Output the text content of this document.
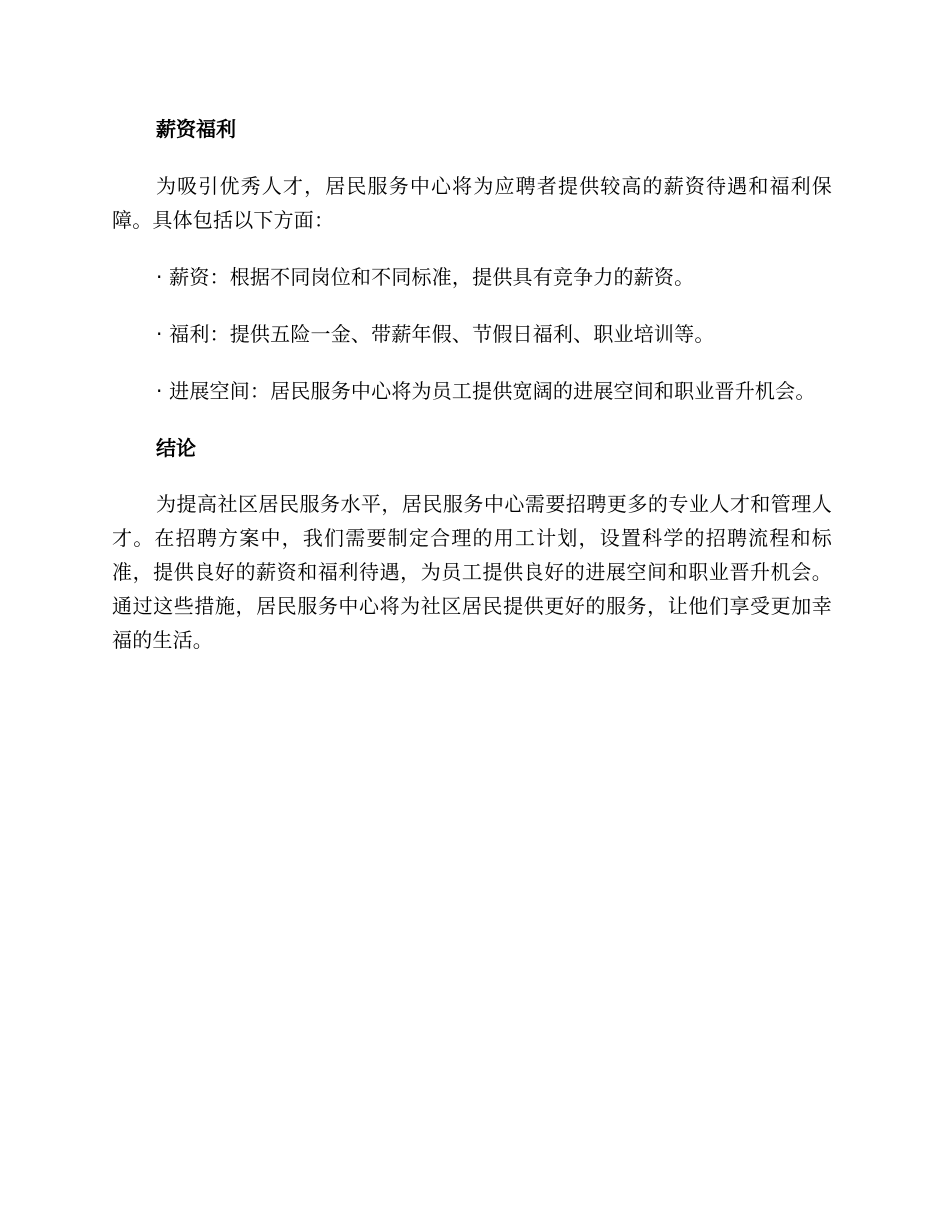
薪资福利

为吸引优秀人才，居民服务中心将为应聘者提供较高的薪资待遇和福利保障。具体包括以下方面：

· 薪资：根据不同岗位和不同标准，提供具有竞争力的薪资。

· 福利：提供五险一金、带薪年假、节假日福利、职业培训等。

· 进展空间：居民服务中心将为员工提供宽阔的进展空间和职业晋升机会。

结论

为提高社区居民服务水平，居民服务中心需要招聘更多的专业人才和管理人才。在招聘方案中，我们需要制定合理的用工计划，设置科学的招聘流程和标准，提供良好的薪资和福利待遇，为员工提供良好的进展空间和职业晋升机会。通过这些措施，居民服务中心将为社区居民提供更好的服务，让他们享受更加幸福的生活。
